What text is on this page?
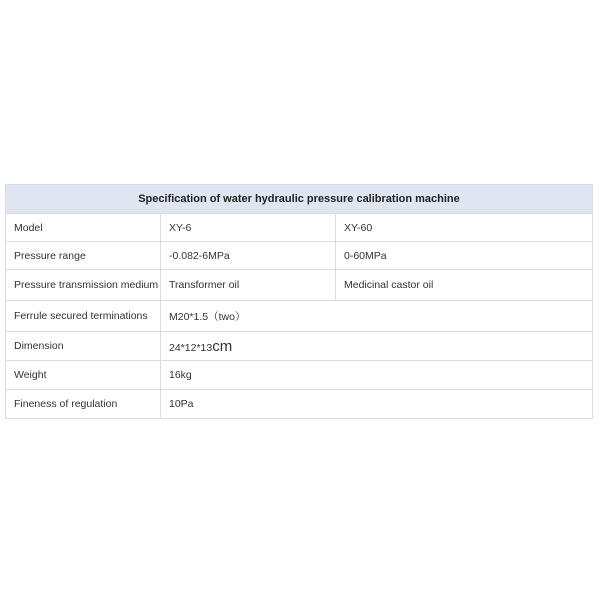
Specification of water hydraulic pressure calibration machine		
Model	XY-6	XY-60
Pressure range	-0.082-6MPa	0-60MPa
Pressure transmission medium	Transformer oil	Medicinal castor oil
Ferrule secured terminations	M20*1.5（two）	
Dimension	24*12*13cm	
Weight	16kg	
Fineness of regulation	10Pa	
